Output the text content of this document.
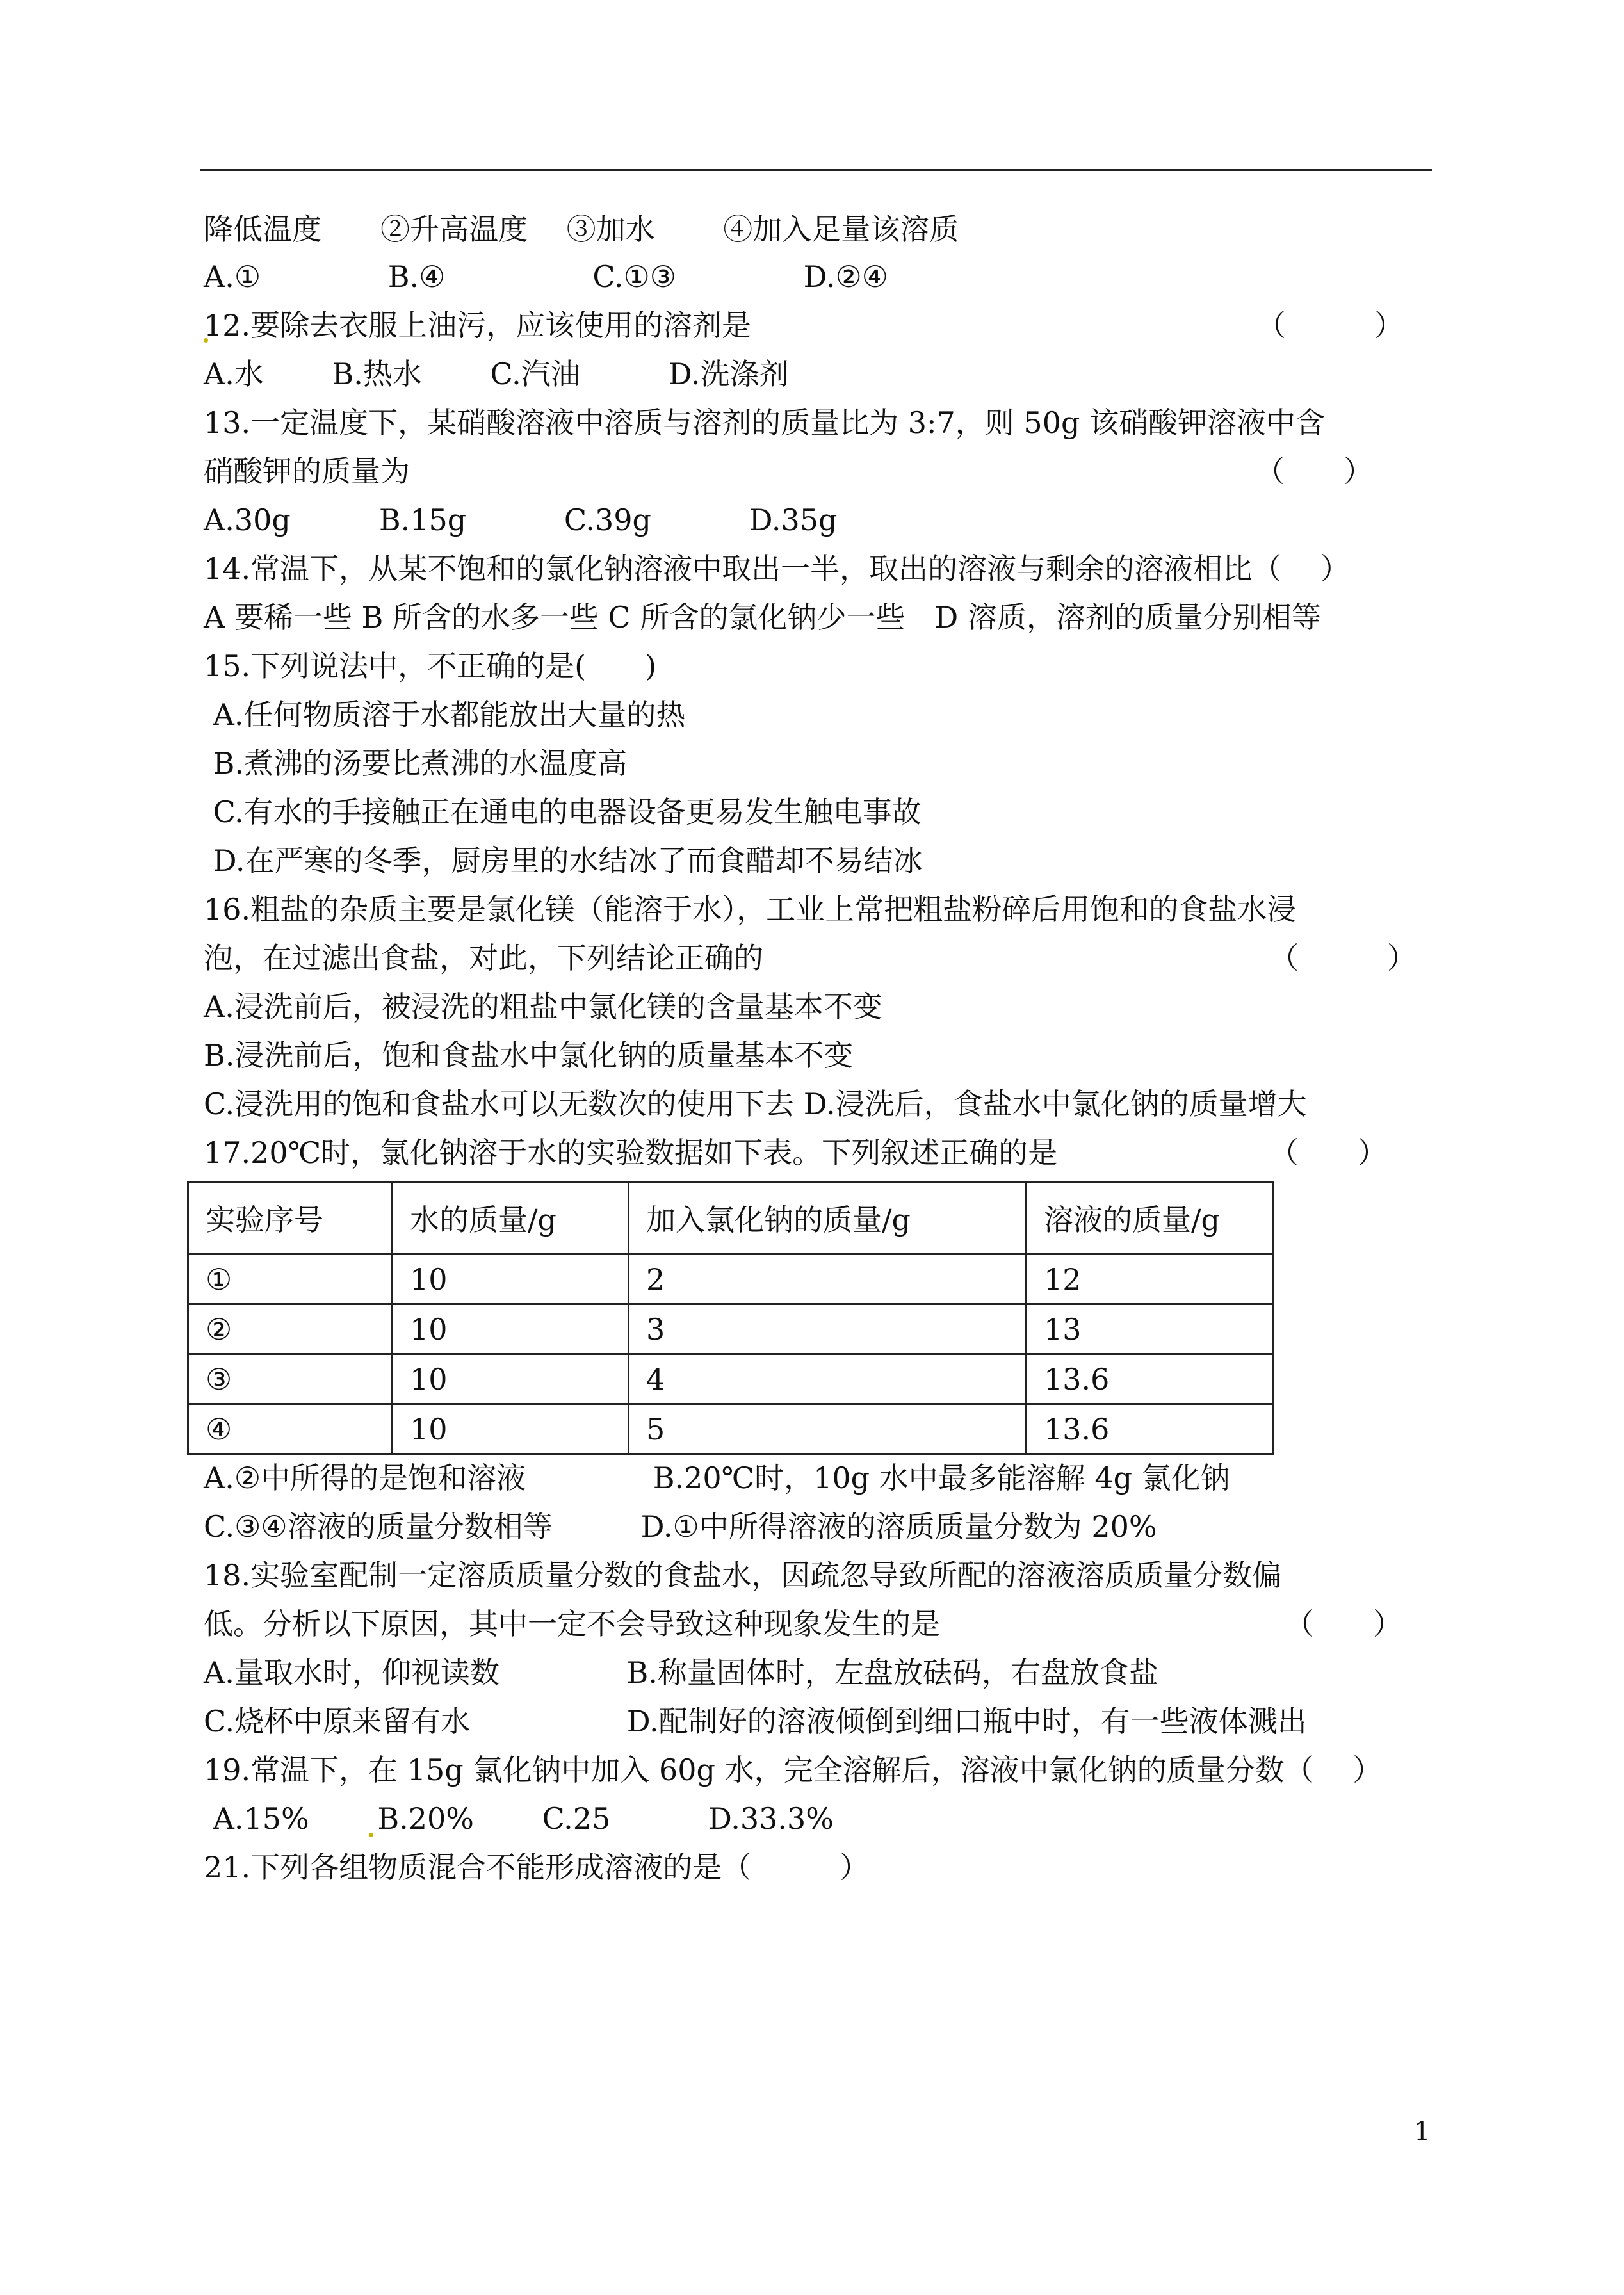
降低温度　　②升高温度　 ③加水　　 ④加入足量该溶质
A.①　　　　 B.④　　　　　C.①③　　　　 D.②④
12.要除去衣服上油污，应该使用的溶剂是	（　　　）
A.水　　 B.热水　　 C.汽油　　　D.洗涤剂
13.一定温度下，某硝酸溶液中溶质与溶剂的质量比为 3:7，则 50g 该硝酸钾溶液中含
硝酸钾的质量为	（　　）
A.30g　　　B.15g　　　 C.39g　　　 D.35g
14.常温下，从某不饱和的氯化钠溶液中取出一半，取出的溶液与剩余的溶液相比（　 ）
A 要稀一些 B 所含的水多一些 C 所含的氯化钠少一些　D 溶质，溶剂的质量分别相等
15.下列说法中，不正确的是(　　)
A.任何物质溶于水都能放出大量的热
B.煮沸的汤要比煮沸的水温度高
C.有水的手接触正在通电的电器设备更易发生触电事故
D.在严寒的冬季，厨房里的水结冰了而食醋却不易结冰
16.粗盐的杂质主要是氯化镁（能溶于水），工业上常把粗盐粉碎后用饱和的食盐水浸
泡，在过滤出食盐，对此，下列结论正确的	（　　　）
A.浸洗前后，被浸洗的粗盐中氯化镁的含量基本不变
B.浸洗前后，饱和食盐水中氯化钠的质量基本不变
C.浸洗用的饱和食盐水可以无数次的使用下去 D.浸洗后，食盐水中氯化钠的质量增大
17.20℃时，氯化钠溶于水的实验数据如下表。下列叙述正确的是	（　　）
实验序号	水的质量/g	加入氯化钠的质量/g	溶液的质量/g
①	10	2	12
②	10	3	13
③	10	4	13.6
④	10	5	13.6
A.②中所得的是饱和溶液　　　　 B.20℃时，10g 水中最多能溶解 4g 氯化钠
C.③④溶液的质量分数相等　　　D.①中所得溶液的溶质质量分数为 20%
18.实验室配制一定溶质质量分数的食盐水，因疏忽导致所配的溶液溶质质量分数偏
低。分析以下原因，其中一定不会导致这种现象发生的是	（　　）
A.量取水时，仰视读数　　　　 B.称量固体时，左盘放砝码，右盘放食盐
C.烧杯中原来留有水　　　　　 D.配制好的溶液倾倒到细口瓶中时，有一些液体溅出
19.常温下，在 15g 氯化钠中加入 60g 水，完全溶解后，溶液中氯化钠的质量分数（　 ）
A.15%　　 B.20%　　 C.25　　　 D.33.3%
21.下列各组物质混合不能形成溶液的是（　　　）
1
